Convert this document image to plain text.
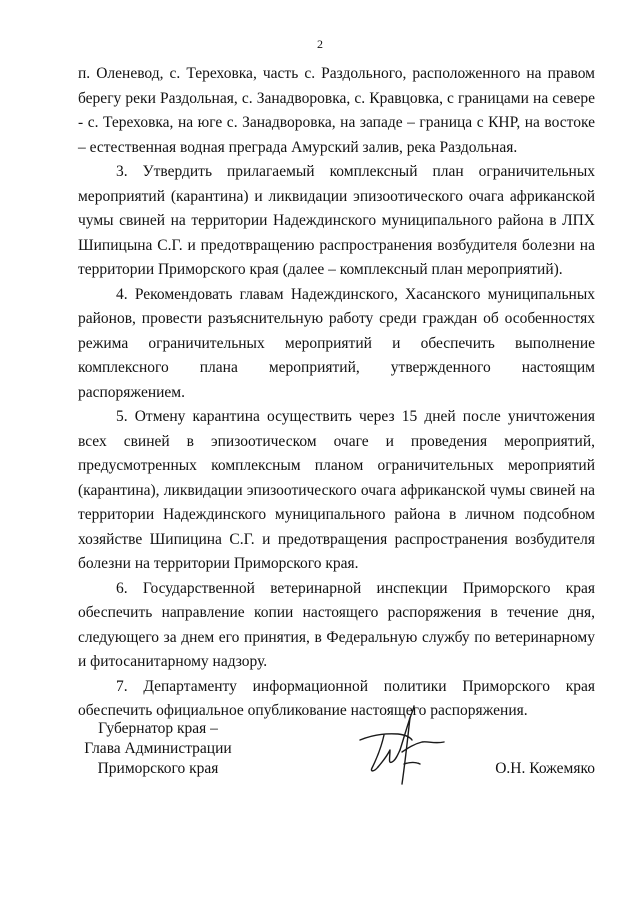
2

п. Оленевод, с. Тереховка, часть с. Раздольного, расположенного на правом берегу реки Раздольная, с. Занадворовка, с. Кравцовка, с границами на севере - с. Тереховка, на юге с. Занадворовка, на западе – граница с КНР, на востоке – естественная водная преграда Амурский залив, река Раздольная.

3. Утвердить прилагаемый комплексный план ограничительных мероприятий (карантина) и ликвидации эпизоотического очага африканской чумы свиней на территории Надеждинского муниципального района в ЛПХ Шипицына С.Г. и предотвращению распространения возбудителя болезни на территории Приморского края (далее – комплексный план мероприятий).

4. Рекомендовать главам Надеждинского, Хасанского муниципальных районов, провести разъяснительную работу среди граждан об особенностях режима ограничительных мероприятий и обеспечить выполнение комплексного плана мероприятий, утвержденного настоящим распоряжением.

5. Отмену карантина осуществить через 15 дней после уничтожения всех свиней в эпизоотическом очаге и проведения мероприятий, предусмотренных комплексным планом ограничительных мероприятий (карантина), ликвидации эпизоотического очага африканской чумы свиней на территории Надеждинского муниципального района в личном подсобном хозяйстве Шипицина С.Г. и предотвращения распространения возбудителя болезни на территории Приморского края.

6. Государственной ветеринарной инспекции Приморского края обеспечить направление копии настоящего распоряжения в течение дня, следующего за днем его принятия, в Федеральную службу по ветеринарному и фитосанитарному надзору.

7. Департаменту информационной политики Приморского края обеспечить официальное опубликование настоящего распоряжения.

Губернатор края –
Глава Администрации
Приморского края	О.Н. Кожемяко
